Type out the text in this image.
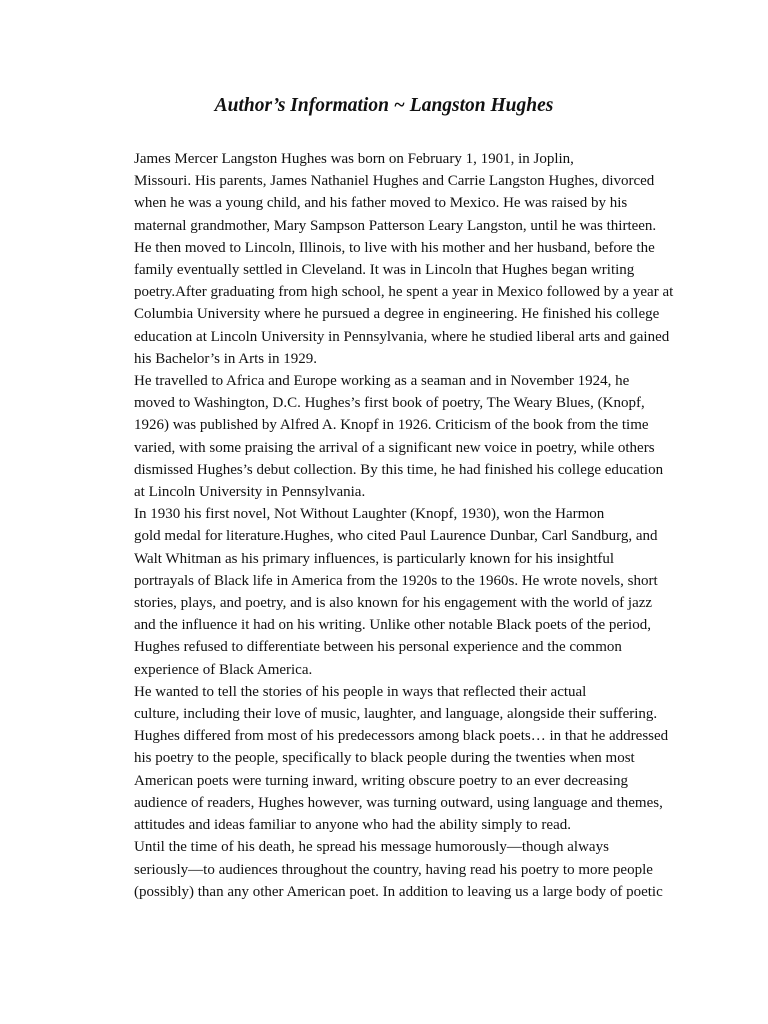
Author’s Information ~ Langston Hughes

James Mercer Langston Hughes was born on February 1, 1901, in Joplin,
Missouri. His parents, James Nathaniel Hughes and Carrie Langston Hughes, divorced
when he was a young child, and his father moved to Mexico. He was raised by his
maternal grandmother, Mary Sampson Patterson Leary Langston, until he was thirteen.
He then moved to Lincoln, Illinois, to live with his mother and her husband, before the
family eventually settled in Cleveland. It was in Lincoln that Hughes began writing
poetry.After graduating from high school, he spent a year in Mexico followed by a year at
Columbia University where he pursued a degree in engineering. He finished his college
education at Lincoln University in Pennsylvania, where he studied liberal arts and gained
his Bachelor’s in Arts in 1929.

He travelled to Africa and Europe working as a seaman and in November 1924, he
moved to Washington, D.C. Hughes’s first book of poetry, The Weary Blues, (Knopf,
1926) was published by Alfred A. Knopf in 1926. Criticism of the book from the time
varied, with some praising the arrival of a significant new voice in poetry, while others
dismissed Hughes’s debut collection. By this time, he had finished his college education
at Lincoln University in Pennsylvania.

In 1930 his first novel, Not Without Laughter (Knopf, 1930), won the Harmon
gold medal for literature.Hughes, who cited Paul Laurence Dunbar, Carl Sandburg, and
Walt Whitman as his primary influences, is particularly known for his insightful
portrayals of Black life in America from the 1920s to the 1960s. He wrote novels, short
stories, plays, and poetry, and is also known for his engagement with the world of jazz
and the influence it had on his writing. Unlike other notable Black poets of the period,
Hughes refused to differentiate between his personal experience and the common
experience of Black America.

He wanted to tell the stories of his people in ways that reflected their actual
culture, including their love of music, laughter, and language, alongside their suffering.
Hughes differed from most of his predecessors among black poets… in that he addressed
his poetry to the people, specifically to black people during the twenties when most
American poets were turning inward, writing obscure poetry to an ever decreasing
audience of readers, Hughes however, was turning outward, using language and themes,
attitudes and ideas familiar to anyone who had the ability simply to read.

Until the time of his death, he spread his message humorously—though always
seriously—to audiences throughout the country, having read his poetry to more people
(possibly) than any other American poet. In addition to leaving us a large body of poetic
